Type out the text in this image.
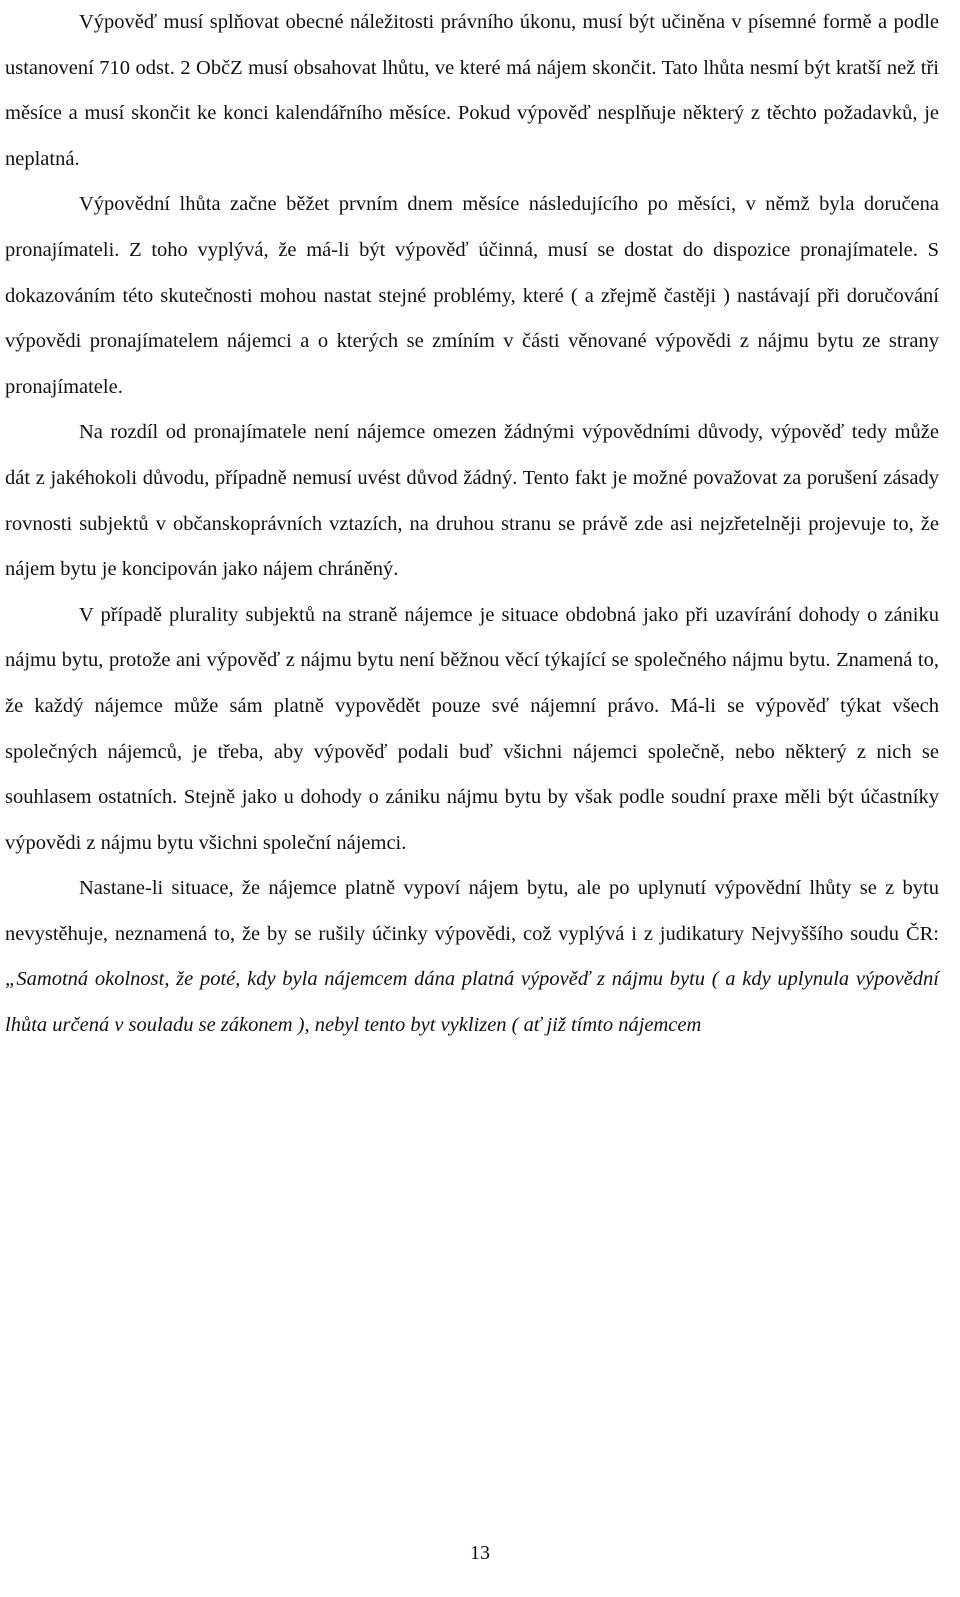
Výpověď musí splňovat obecné náležitosti právního úkonu, musí být učiněna v písemné formě a podle ustanovení 710 odst. 2 ObčZ musí obsahovat lhůtu, ve které má nájem skončit. Tato lhůta nesmí být kratší než tři měsíce a musí skončit ke konci kalendářního měsíce. Pokud výpověď nesplňuje některý z těchto požadavků, je neplatná.

Výpovědní lhůta začne běžet prvním dnem měsíce následujícího po měsíci, v němž byla doručena pronajímateli. Z toho vyplývá, že má-li být výpověď účinná, musí se dostat do dispozice pronajímatele. S dokazováním této skutečnosti mohou nastat stejné problémy, které ( a zřejmě častěji ) nastávají při doručování výpovědi pronajímatelem nájemci a o kterých se zmíním v části věnované výpovědi z nájmu bytu ze strany pronajímatele.

Na rozdíl od pronajímatele není nájemce omezen žádnými výpovědními důvody, výpověď tedy může dát z jakéhokoli důvodu, případně nemusí uvést důvod žádný. Tento fakt je možné považovat za porušení zásady rovnosti subjektů v občanskoprávních vztazích, na druhou stranu se právě zde asi nejzřetelněji projevuje to, že nájem bytu je koncipován jako nájem chráněný.

V případě plurality subjektů na straně nájemce je situace obdobná jako při uzavírání dohody o zániku nájmu bytu, protože ani výpověď z nájmu bytu není běžnou věcí týkající se společného nájmu bytu. Znamená to, že každý nájemce může sám platně vypovědět pouze své nájemní právo. Má-li se výpověď týkat všech společných nájemců, je třeba, aby výpověď podali buď všichni nájemci společně, nebo některý z nich se souhlasem ostatních. Stejně jako u dohody o zániku nájmu bytu by však podle soudní praxe měli být účastníky výpovědi z nájmu bytu všichni společní nájemci.

Nastane-li situace, že nájemce platně vypoví nájem bytu, ale po uplynutí výpovědní lhůty se z bytu nevystěhuje, neznamená to, že by se rušily účinky výpovědi, což vyplývá i z judikatury Nejvyššího soudu ČR: „Samotná okolnost, že poté, kdy byla nájemcem dána platná výpověď z nájmu bytu ( a kdy uplynula výpovědní lhůta určená v souladu se zákonem ), nebyl tento byt vyklizen ( ať již tímto nájemcem

13
